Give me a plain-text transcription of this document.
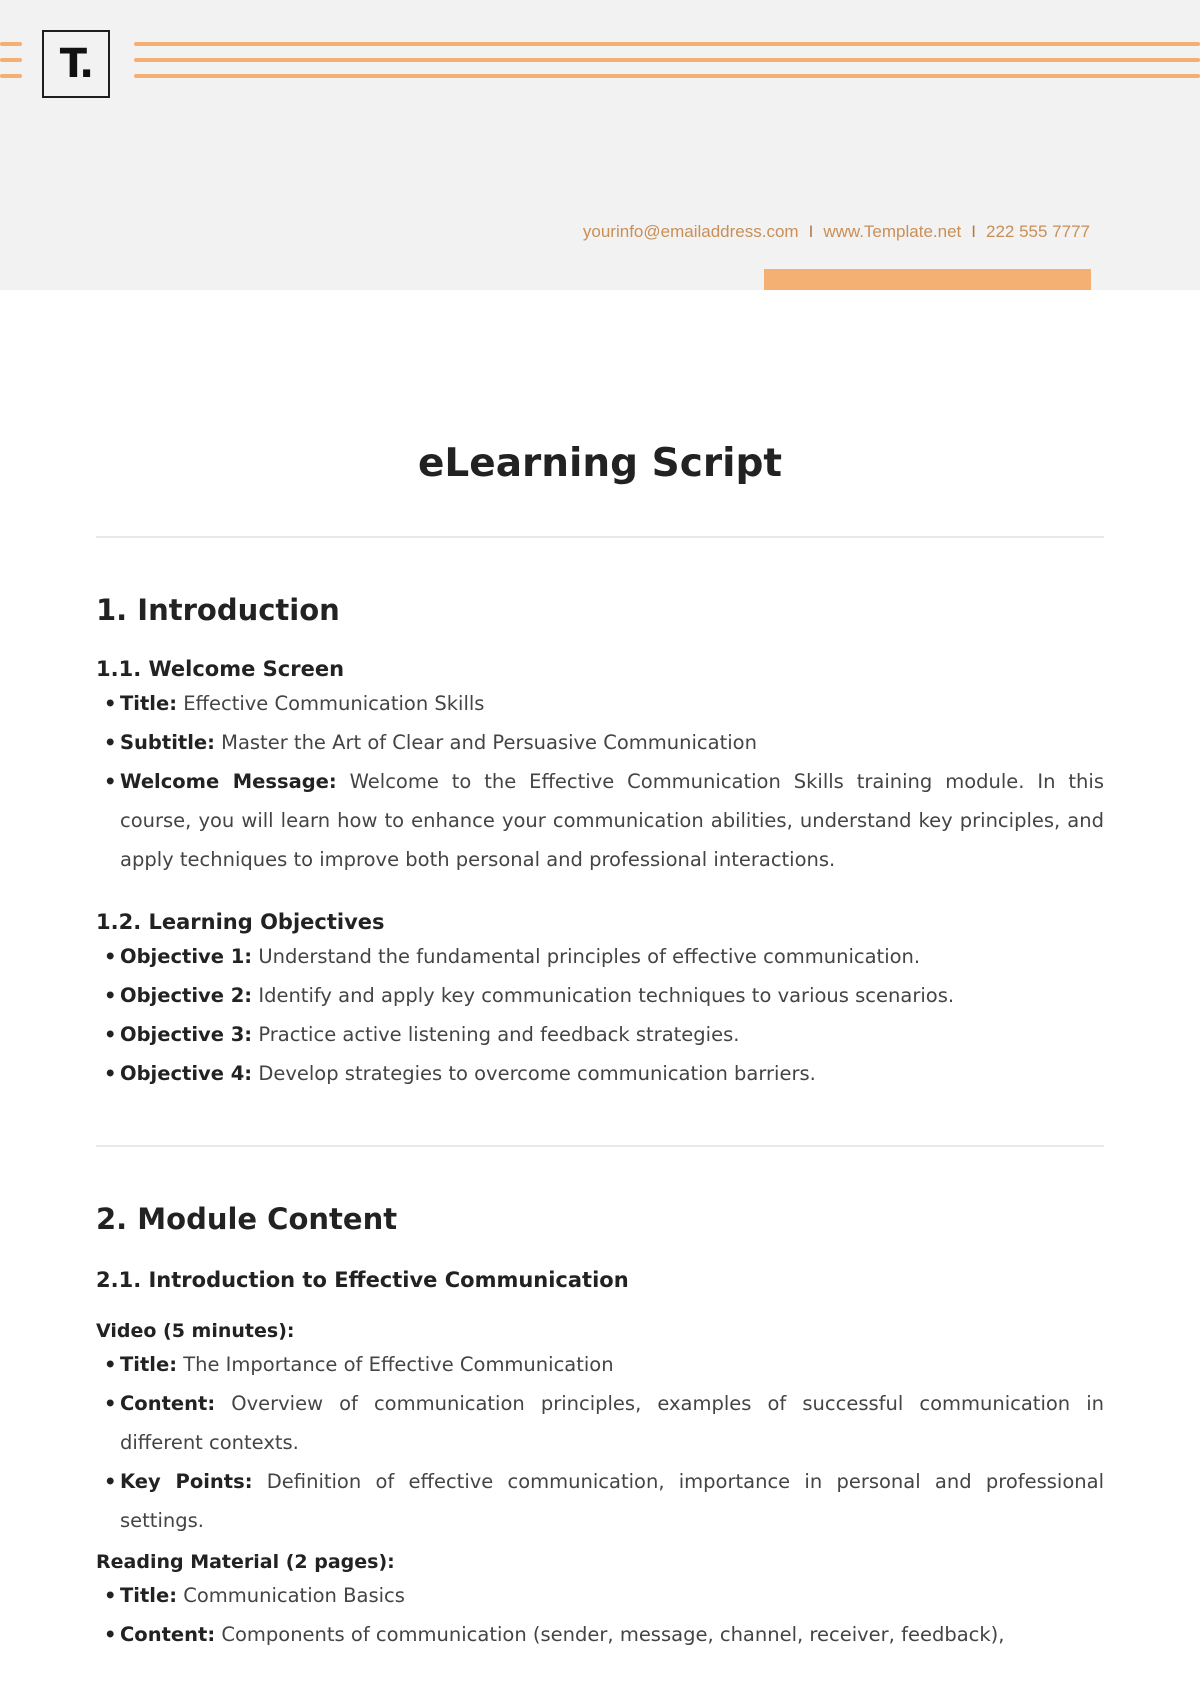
T.
yourinfo@emailaddress.com I www.Template.net I 222 555 7777
eLearning Script
1. Introduction
1.1. Welcome Screen
• Title: Effective Communication Skills
• Subtitle: Master the Art of Clear and Persuasive Communication
• Welcome Message: Welcome to the Effective Communication Skills training module. In this course, you will learn how to enhance your communication abilities, understand key principles, and apply techniques to improve both personal and professional interactions.
1.2. Learning Objectives
• Objective 1: Understand the fundamental principles of effective communication.
• Objective 2: Identify and apply key communication techniques to various scenarios.
• Objective 3: Practice active listening and feedback strategies.
• Objective 4: Develop strategies to overcome communication barriers.
2. Module Content
2.1. Introduction to Effective Communication
Video (5 minutes):
• Title: The Importance of Effective Communication
• Content: Overview of communication principles, examples of successful communication in different contexts.
• Key Points: Definition of effective communication, importance in personal and professional settings.
Reading Material (2 pages):
• Title: Communication Basics
• Content: Components of communication (sender, message, channel, receiver, feedback),
